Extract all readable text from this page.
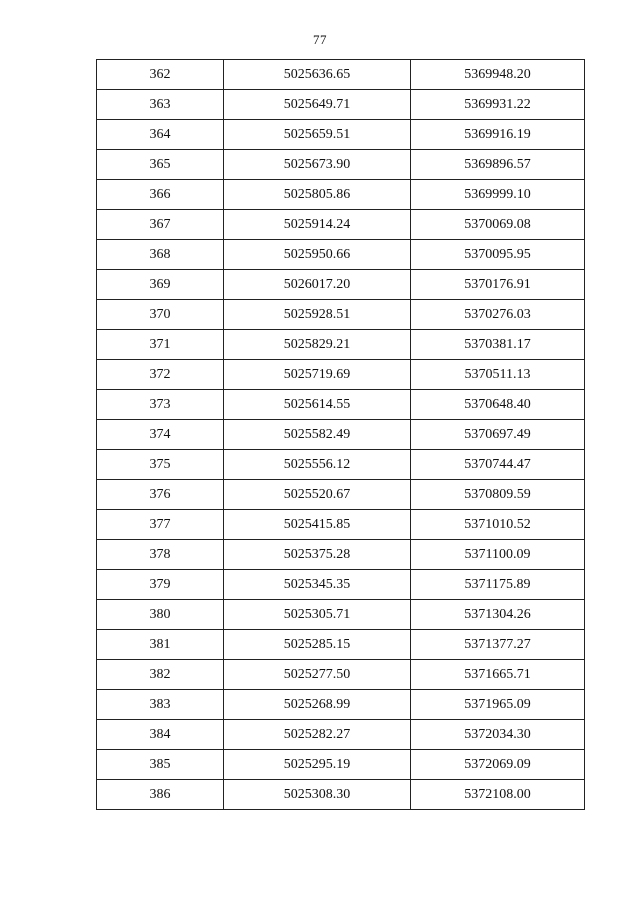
77
362	5025636.65	5369948.20
363	5025649.71	5369931.22
364	5025659.51	5369916.19
365	5025673.90	5369896.57
366	5025805.86	5369999.10
367	5025914.24	5370069.08
368	5025950.66	5370095.95
369	5026017.20	5370176.91
370	5025928.51	5370276.03
371	5025829.21	5370381.17
372	5025719.69	5370511.13
373	5025614.55	5370648.40
374	5025582.49	5370697.49
375	5025556.12	5370744.47
376	5025520.67	5370809.59
377	5025415.85	5371010.52
378	5025375.28	5371100.09
379	5025345.35	5371175.89
380	5025305.71	5371304.26
381	5025285.15	5371377.27
382	5025277.50	5371665.71
383	5025268.99	5371965.09
384	5025282.27	5372034.30
385	5025295.19	5372069.09
386	5025308.30	5372108.00
